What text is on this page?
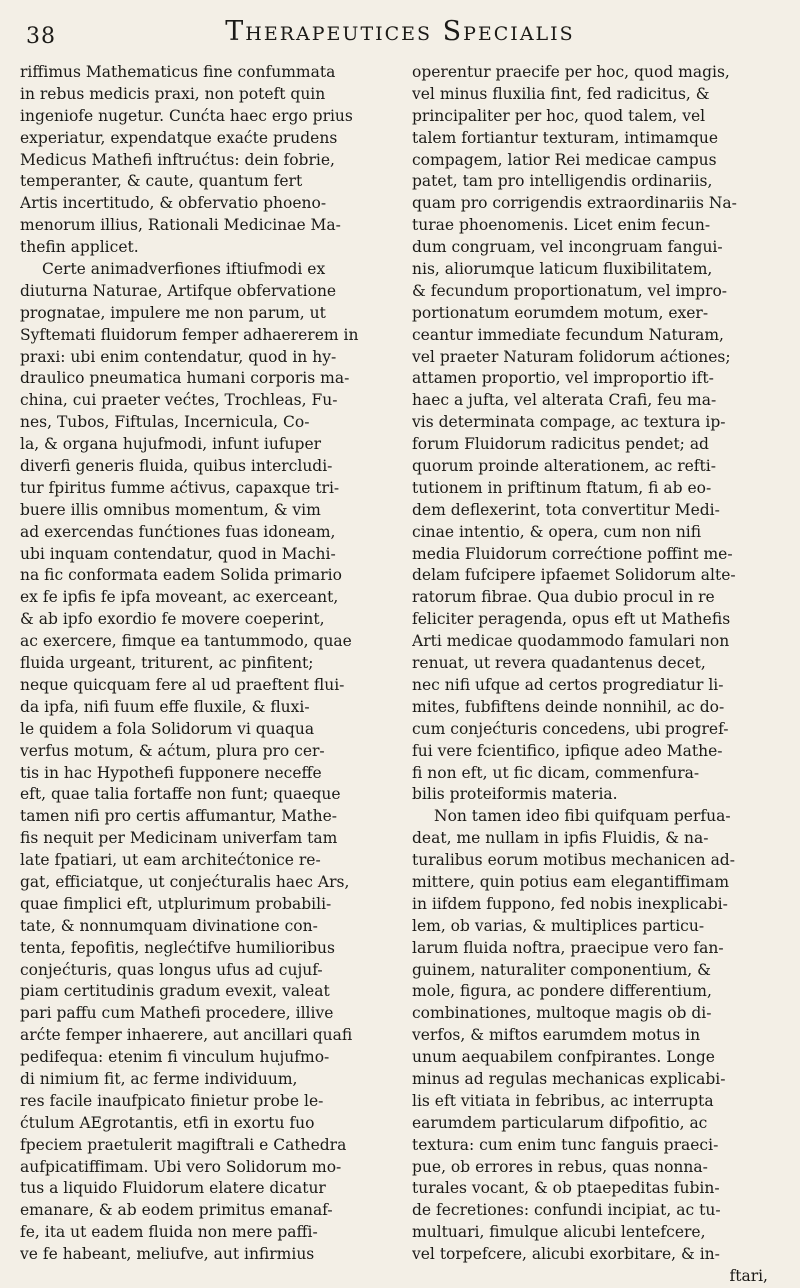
38	Therapeutices Specialis
riffimus Mathematicus fine confummata
in rebus medicis praxi, non poteft quin
ingeniofe nugetur. Cunćta haec ergo prius
experiatur, expendatque exaćte prudens
Medicus Mathefi inftrućtus: dein fobrie,
temperanter, & caute, quantum fert
Artis incertitudo, & obfervatio phoeno-
menorum illius, Rationali Medicinae Ma-
thefin applicet.
Certe animadverfiones iftiufmodi ex
diuturna Naturae, Artifque obfervatione
prognatae, impulere me non parum, ut
Syftemati fluidorum femper adhaererem in
praxi: ubi enim contendatur, quod in hy-
draulico pneumatica humani corporis ma-
china, cui praeter većtes, Trochleas, Fu-
nes, Tubos, Fiftulas, Incernicula, Co-
la, & organa hujufmodi, infunt iufuper
diverfi generis fluida, quibus intercludi-
tur fpiritus fumme aćtivus, capaxque tri-
buere illis omnibus momentum, & vim
ad exercendas funćtiones fuas idoneam,
ubi inquam contendatur, quod in Machi-
na fic conformata eadem Solida primario
ex fe ipfis fe ipfa moveant, ac exerceant,
& ab ipfo exordio fe movere coeperint,
ac exercere, fimque ea tantummodo, quae
fluida urgeant, triturent, ac pinfitent;
neque quicquam fere al ud praeftent flui-
da ipfa, nifi fuum effe fluxile, & fluxi-
le quidem a fola Solidorum vi quaqua
verfus motum, & aćtum, plura pro cer-
tis in hac Hypothefi fupponere neceffe
eft, quae talia fortaffe non funt; quaeque
tamen nifi pro certis affumantur, Mathe-
fis nequit per Medicinam univerfam tam
late fpatiari, ut eam architećtonice re-
gat, efficiatque, ut conjećturalis haec Ars,
quae fimplici eft, utplurimum probabili-
tate, & nonnumquam divinatione con-
tenta, fepofitis, neglećtifve humilioribus
conjećturis, quas longus ufus ad cujuf-
piam certitudinis gradum evexit, valeat
pari paffu cum Mathefi procedere, illive
arćte femper inhaerere, aut ancillari quafi
pedifequa: etenim fi vinculum hujufmo-
di nimium fit, ac ferme individuum,
res facile inaufpicato finietur probe le-
ćtulum AEgrotantis, etfi in exortu fuo
fpeciem praetulerit magiftrali e Cathedra
aufpicatiffimam. Ubi vero Solidorum mo-
tus a liquido Fluidorum elatere dicatur
emanare, & ab eodem primitus emanaf-
fe, ita ut eadem fluida non mere paffi-
ve fe habeant, meliufve, aut infirmius
operentur praecife per hoc, quod magis,
vel minus fluxilia fint, fed radicitus, &
principaliter per hoc, quod talem, vel
talem fortiantur texturam, intimamque
compagem, latior Rei medicae campus
patet, tam pro intelligendis ordinariis,
quam pro corrigendis extraordinariis Na-
turae phoenomenis. Licet enim fecun-
dum congruam, vel incongruam fangui-
nis, aliorumque laticum fluxibilitatem,
& fecundum proportionatum, vel impro-
portionatum eorumdem motum, exer-
ceantur immediate fecundum Naturam,
vel praeter Naturam folidorum aćtiones;
attamen proportio, vel improportio ift-
haec a jufta, vel alterata Crafi, feu ma-
vis determinata compage, ac textura ip-
forum Fluidorum radicitus pendet; ad
quorum proinde alterationem, ac refti-
tutionem in priftinum ftatum, fi ab eo-
dem deflexerint, tota convertitur Medi-
cinae intentio, & opera, cum non nifi
media Fluidorum correćtione poffint me-
delam fufcipere ipfaemet Solidorum alte-
ratorum fibrae. Qua dubio procul in re
feliciter peragenda, opus eft ut Mathefis
Arti medicae quodammodo famulari non
renuat, ut revera quadantenus decet,
nec nifi ufque ad certos progrediatur li-
mites, fubfiftens deinde nonnihil, ac do-
cum conjećturis concedens, ubi progref-
fui vere fcientifico, ipfique adeo Mathe-
fi non eft, ut fic dicam, commenfura-
bilis proteiformis materia.
Non tamen ideo fibi quifquam perfua-
deat, me nullam in ipfis Fluidis, & na-
turalibus eorum motibus mechanicen ad-
mittere, quin potius eam elegantiffimam
in iifdem fuppono, fed nobis inexplicabi-
lem, ob varias, & multiplices particu-
larum fluida noftra, praecipue vero fan-
guinem, naturaliter componentium, &
mole, figura, ac pondere differentium,
combinationes, multoque magis ob di-
verfos, & miftos earumdem motus in
unum aequabilem confpirantes. Longe
minus ad regulas mechanicas explicabi-
lis eft vitiata in febribus, ac interrupta
earumdem particularum difpofitio, ac
textura: cum enim tunc fanguis praeci-
pue, ob errores in rebus, quas nonna-
turales vocant, & ob ptaepeditas fubin-
de fecretiones: confundi incipiat, ac tu-
multuari, fimulque alicubi lentefcere,
vel torpefcere, alicubi exorbitare, & in-
ftari,
